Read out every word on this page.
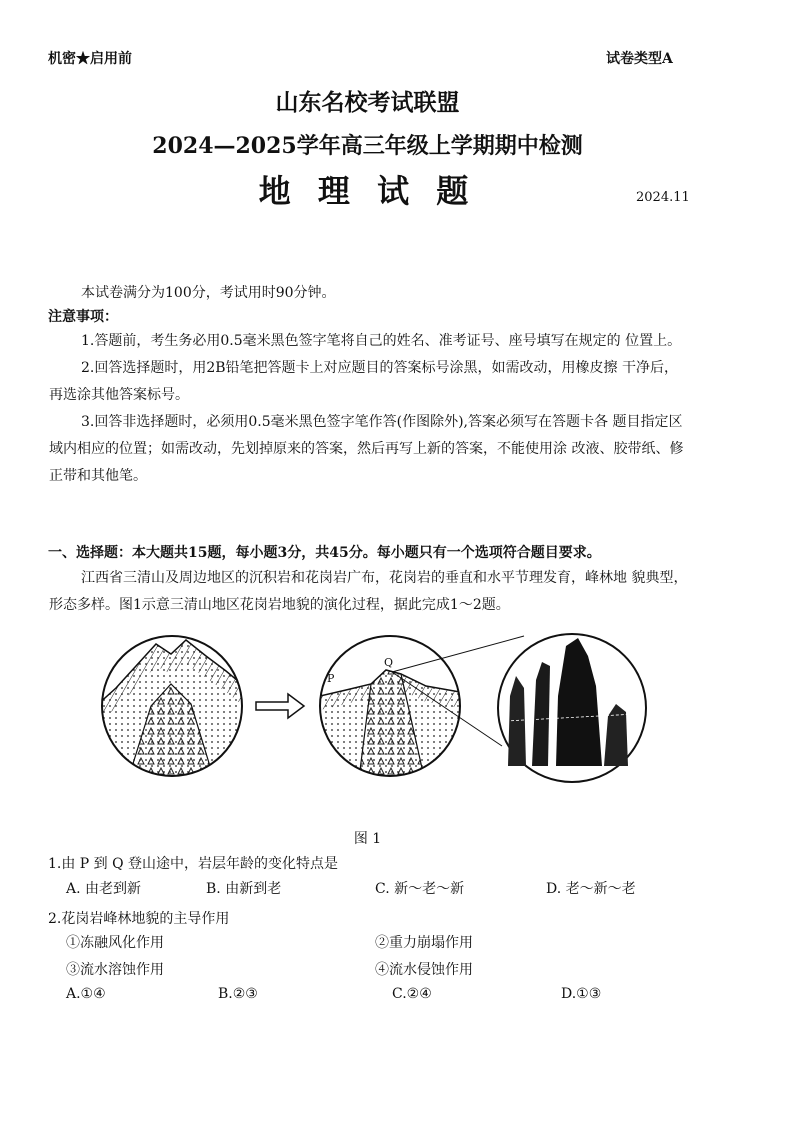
机密★启用前	试卷类型A
山东名校考试联盟
2024—2025学年高三年级上学期期中检测
地 理 试 题	2024.11
本试卷满分为100分，考试用时90分钟。
注意事项：

1.答题前，考生务必用0.5毫米黑色签字笔将自己的姓名、准考证号、座号填写在规定的 位置上。

2.回答选择题时，用2B铅笔把答题卡上对应题目的答案标号涂黑，如需改动，用橡皮擦 干净后，再选涂其他答案标号。

3.回答非选择题时，必须用0.5毫米黑色签字笔作答(作图除外),答案必须写在答题卡各 题目指定区域内相应的位置；如需改动，先划掉原来的答案，然后再写上新的答案，不能使用涂 改液、胶带纸、修正带和其他笔。

一、选择题：本大题共15题，每小题3分，共45分。每小题只有一个选项符合题目要求。

江西省三清山及周边地区的沉积岩和花岗岩广布，花岗岩的垂直和水平节理发育，峰林地 貌典型，形态多样。图1示意三清山地区花岗岩地貌的演化过程，据此完成1～2题。

P
Q
图 1
1.由 P 到 Q 登山途中，岩层年龄的变化特点是
A. 由老到新	B. 由新到老	C. 新～老～新	D. 老～新～老
2.花岗岩峰林地貌的主导作用
①冻融风化作用	②重力崩塌作用
③流水溶蚀作用	④流水侵蚀作用
A.①④	B.②③	C.②④	D.①③
